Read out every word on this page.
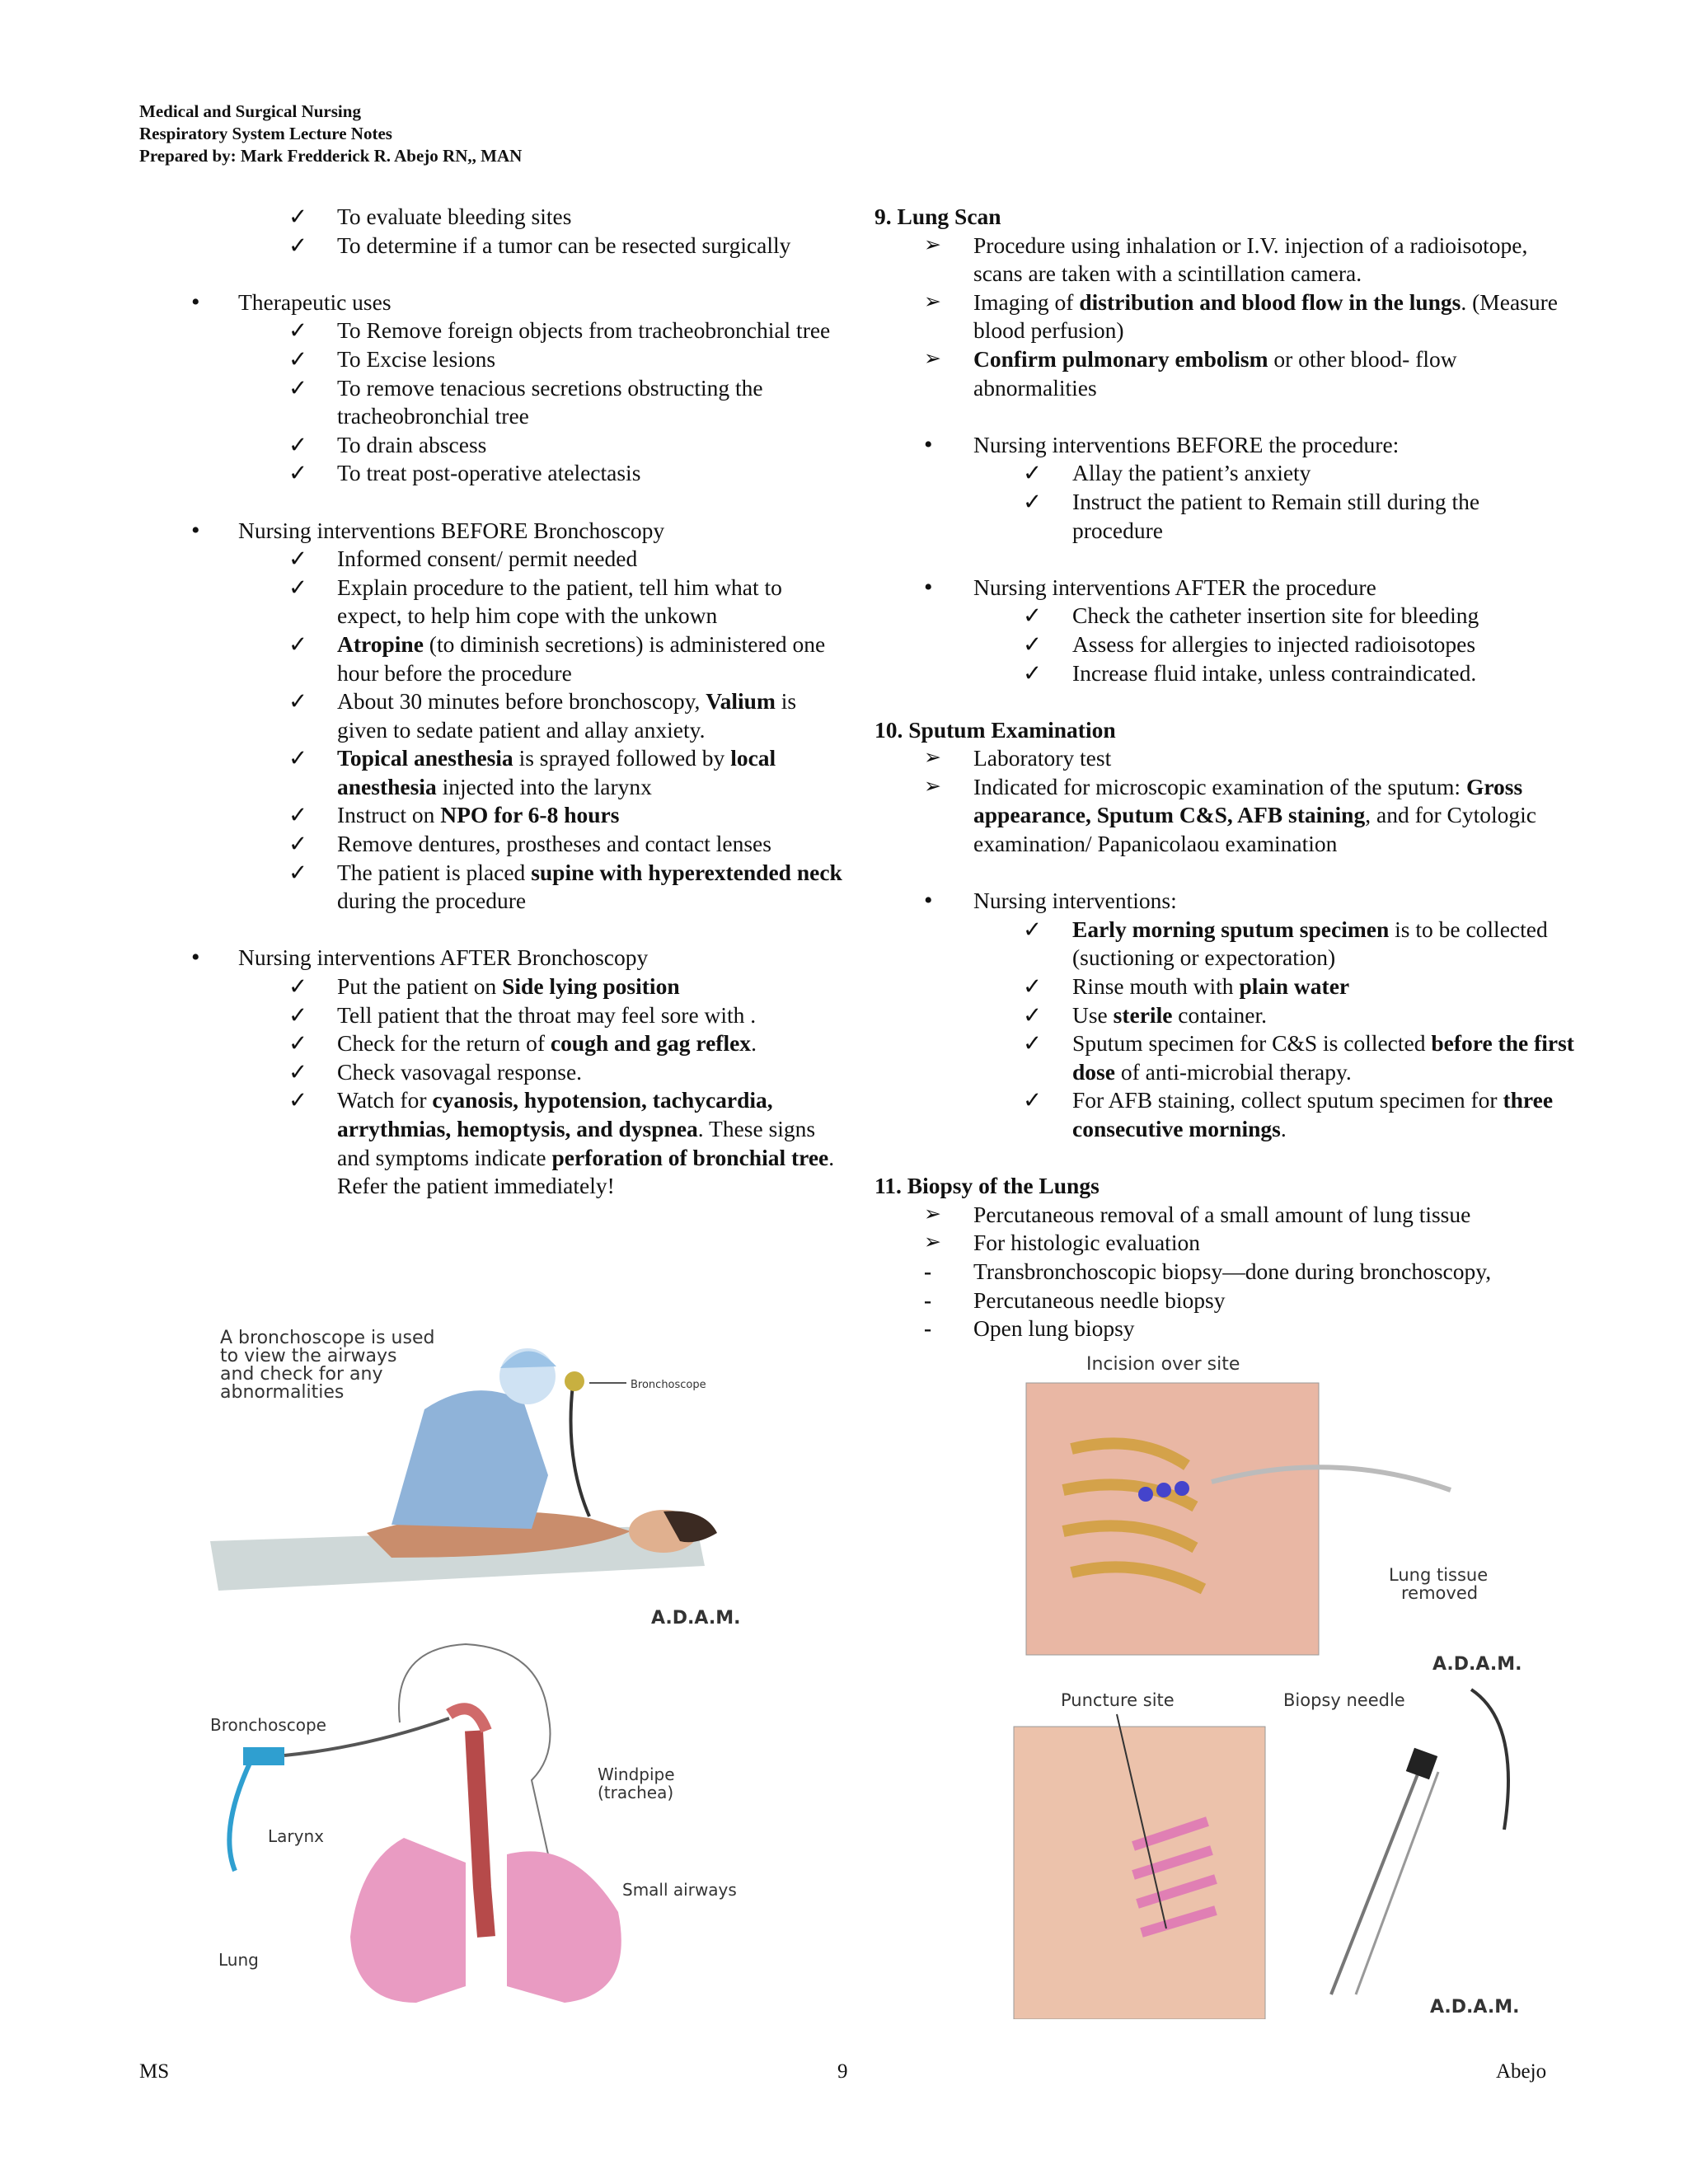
Medical and Surgical Nursing
Respiratory System Lecture Notes
Prepared by: Mark Fredderick R. Abejo RN,, MAN
✓ To evaluate bleeding sites
✓ To determine if a tumor can be resected surgically
• Therapeutic uses
✓ To Remove foreign objects from tracheobronchial tree
✓ To Excise lesions
✓ To remove tenacious secretions obstructing the tracheobronchial tree
✓ To drain abscess
✓ To treat post-operative atelectasis
• Nursing interventions BEFORE Bronchoscopy
✓ Informed consent/ permit needed
✓ Explain procedure to the patient, tell him what to expect, to help him cope with the unkown
✓ Atropine (to diminish secretions) is administered one hour before the procedure
✓ About 30 minutes before bronchoscopy, Valium is given to sedate patient and allay anxiety.
✓ Topical anesthesia is sprayed followed by local anesthesia injected into the larynx
✓ Instruct on NPO for 6-8 hours
✓ Remove dentures, prostheses and contact lenses
✓ The patient is placed supine with hyperextended neck during the procedure
• Nursing interventions AFTER Bronchoscopy
✓ Put the patient on Side lying position
✓ Tell patient that the throat may feel sore with .
✓ Check for the return of cough and gag reflex.
✓ Check vasovagal response.
✓ Watch for cyanosis, hypotension, tachycardia, arrythmias, hemoptysis, and dyspnea. These signs and symptoms indicate perforation of bronchial tree. Refer the patient immediately!
9. Lung Scan
➢ Procedure using inhalation or I.V. injection of a radioisotope, scans are taken with a scintillation camera.
➢ Imaging of distribution and blood flow in the lungs. (Measure blood perfusion)
➢ Confirm pulmonary embolism or other blood- flow abnormalities
• Nursing interventions BEFORE the procedure:
✓ Allay the patient’s anxiety
✓ Instruct the patient to Remain still during the procedure
• Nursing interventions AFTER the procedure
✓ Check the catheter insertion site for bleeding
✓ Assess for allergies to injected radioisotopes
✓ Increase fluid intake, unless contraindicated.
10. Sputum Examination
➢ Laboratory test
➢ Indicated for microscopic examination of the sputum: Gross appearance, Sputum C&S, AFB staining, and for Cytologic examination/ Papanicolaou examination
• Nursing interventions:
✓ Early morning sputum specimen is to be collected (suctioning or expectoration)
✓ Rinse mouth with plain water
✓ Use sterile container.
✓ Sputum specimen for C&S is collected before the first dose of anti-microbial therapy.
✓ For AFB staining, collect sputum specimen for three consecutive mornings.
11. Biopsy of the Lungs
➢ Percutaneous removal of a small amount of lung tissue
➢ For histologic evaluation
- Transbronchoscopic biopsy—done during bronchoscopy,
- Percutaneous needle biopsy
- Open lung biopsy
A bronchoscope is used
to view the airways
and check for any
abnormalities	Bronchoscope
A.D.A.M.
Bronchoscope
Windpipe
(trachea)
Larynx
Small airways
Lung
Incision over site
Lung tissue
removed
A.D.A.M.
Puncture site	Biopsy needle
A.D.A.M.
MS	9	Abejo
